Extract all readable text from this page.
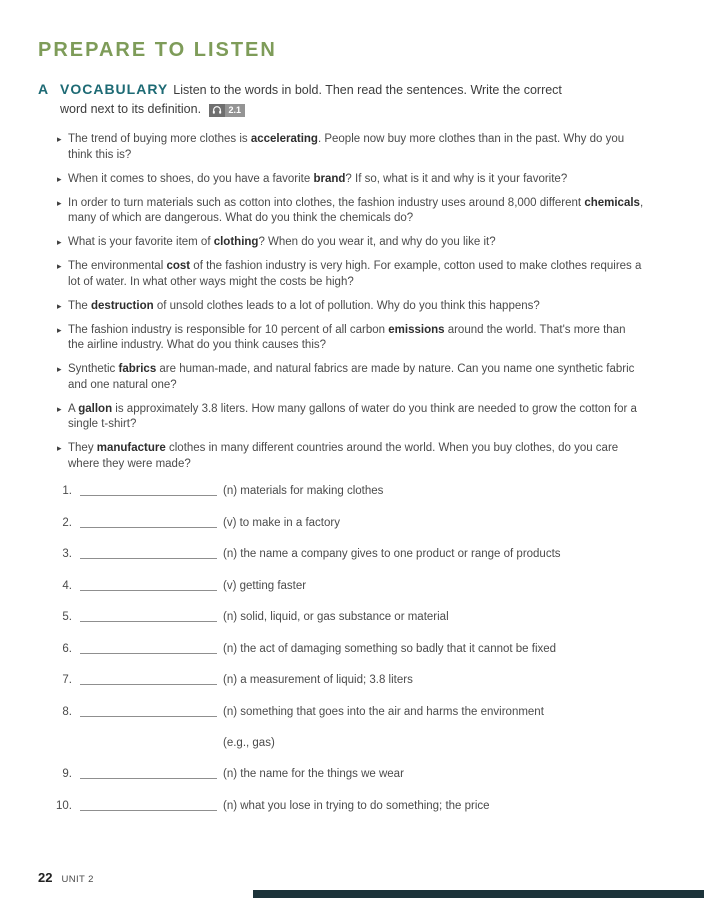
PREPARE TO LISTEN
A VOCABULARY Listen to the words in bold. Then read the sentences. Write the correct
word next to its definition.	2.1
▸ The trend of buying more clothes is accelerating. People now buy more clothes than in the past. Why do you think this is?
▸ When it comes to shoes, do you have a favorite brand? If so, what is it and why is it your favorite?
▸ In order to turn materials such as cotton into clothes, the fashion industry uses around 8,000 different chemicals, many of which are dangerous. What do you think the chemicals do?
▸ What is your favorite item of clothing? When do you wear it, and why do you like it?
▸ The environmental cost of the fashion industry is very high. For example, cotton used to make clothes requires a lot of water. In what other ways might the costs be high?
▸ The destruction of unsold clothes leads to a lot of pollution. Why do you think this happens?
▸ The fashion industry is responsible for 10 percent of all carbon emissions around the world. That's more than the airline industry. What do you think causes this?
▸ Synthetic fabrics are human-made, and natural fabrics are made by nature. Can you name one synthetic fabric and one natural one?
▸ A gallon is approximately 3.8 liters. How many gallons of water do you think are needed to grow the cotton for a single t-shirt?
▸ They manufacture clothes in many different countries around the world. When you buy clothes, do you care where they were made?
1.	(n) materials for making clothes
2.	(v) to make in a factory
3.	(n) the name a company gives to one product or range of products
4.	(v) getting faster
5.	(n) solid, liquid, or gas substance or material
6.	(n) the act of damaging something so badly that it cannot be fixed
7.	(n) a measurement of liquid; 3.8 liters
8.	(n) something that goes into the air and harms the environment
(e.g., gas)
9.	(n) the name for the things we wear
10.	(n) what you lose in trying to do something; the price
22 UNIT 2
